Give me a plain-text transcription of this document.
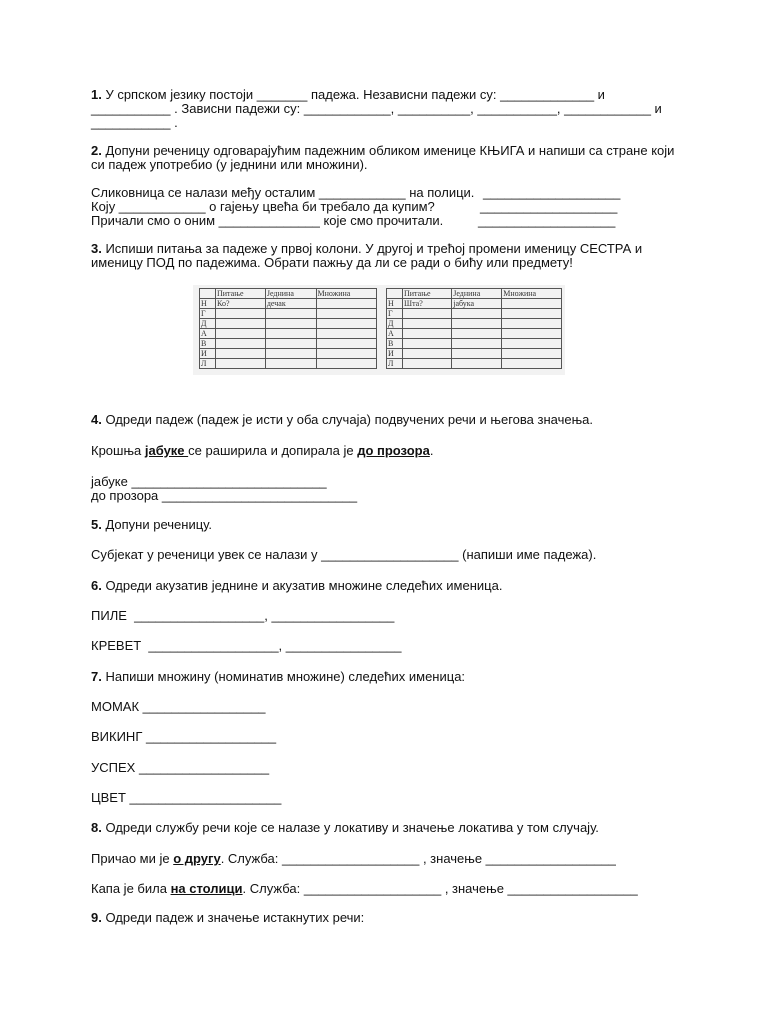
1. У српском језику постоји _______ падежа. Независни падежи су: _____________ и
___________ . Зависни падежи су: ____________, __________, ___________, ____________ и
___________ .
2. Допуни реченицу одговарајућим падежним обликом именице КЊИГА и напиши са стране који
си падеж употребио (у једнини или множини).
Сликовница се налази међу осталим ____________ на полици. ___________________
Коју ____________ о гајењу цвећа би требало да купим?	___________________
Причали смо о оним ______________ које смо прочитали.	___________________
3. Испиши питања за падеже у првој колони. У другој и трећој промени именицу СЕСТРА и
именицу ПОД по падежима. Обрати пажњу да ли се ради о бићу или предмету!
	Питање	Једнина	Множина
Н	Ко?	дечак	
Г			
Д			
А			
В			
И			
Л			
	Питање	Једнина	Множина
Н	Шта?	јабука	
Г			
Д			
А			
В			
И			
Л			
4. Одреди падеж (падеж је исти у оба случаја) подвучених речи и његова значења.
Крошња јабуке се раширила и допирала је до прозора.
јабуке ___________________________
до прозора ___________________________
5. Допуни реченицу.
Субјекат у реченици увек се налази у ___________________ (напиши име падежа).
6. Одреди акузатив једнине и акузатив множине следећих именица.
ПИЛЕ  __________________, _________________
КРЕВЕТ  __________________, ________________
7. Напиши множину (номинатив множине) следећих именица:
МОМАК _________________
ВИКИНГ __________________
УСПЕХ __________________
ЦВЕТ _____________________
8. Одреди службу речи које се налазе у локативу и значење локатива у том случају.
Причао ми је о другу. Служба: ___________________ , значење __________________
Капа је била на столици. Служба: ___________________ , значење __________________
9. Одреди падеж и значење истакнутих речи:
